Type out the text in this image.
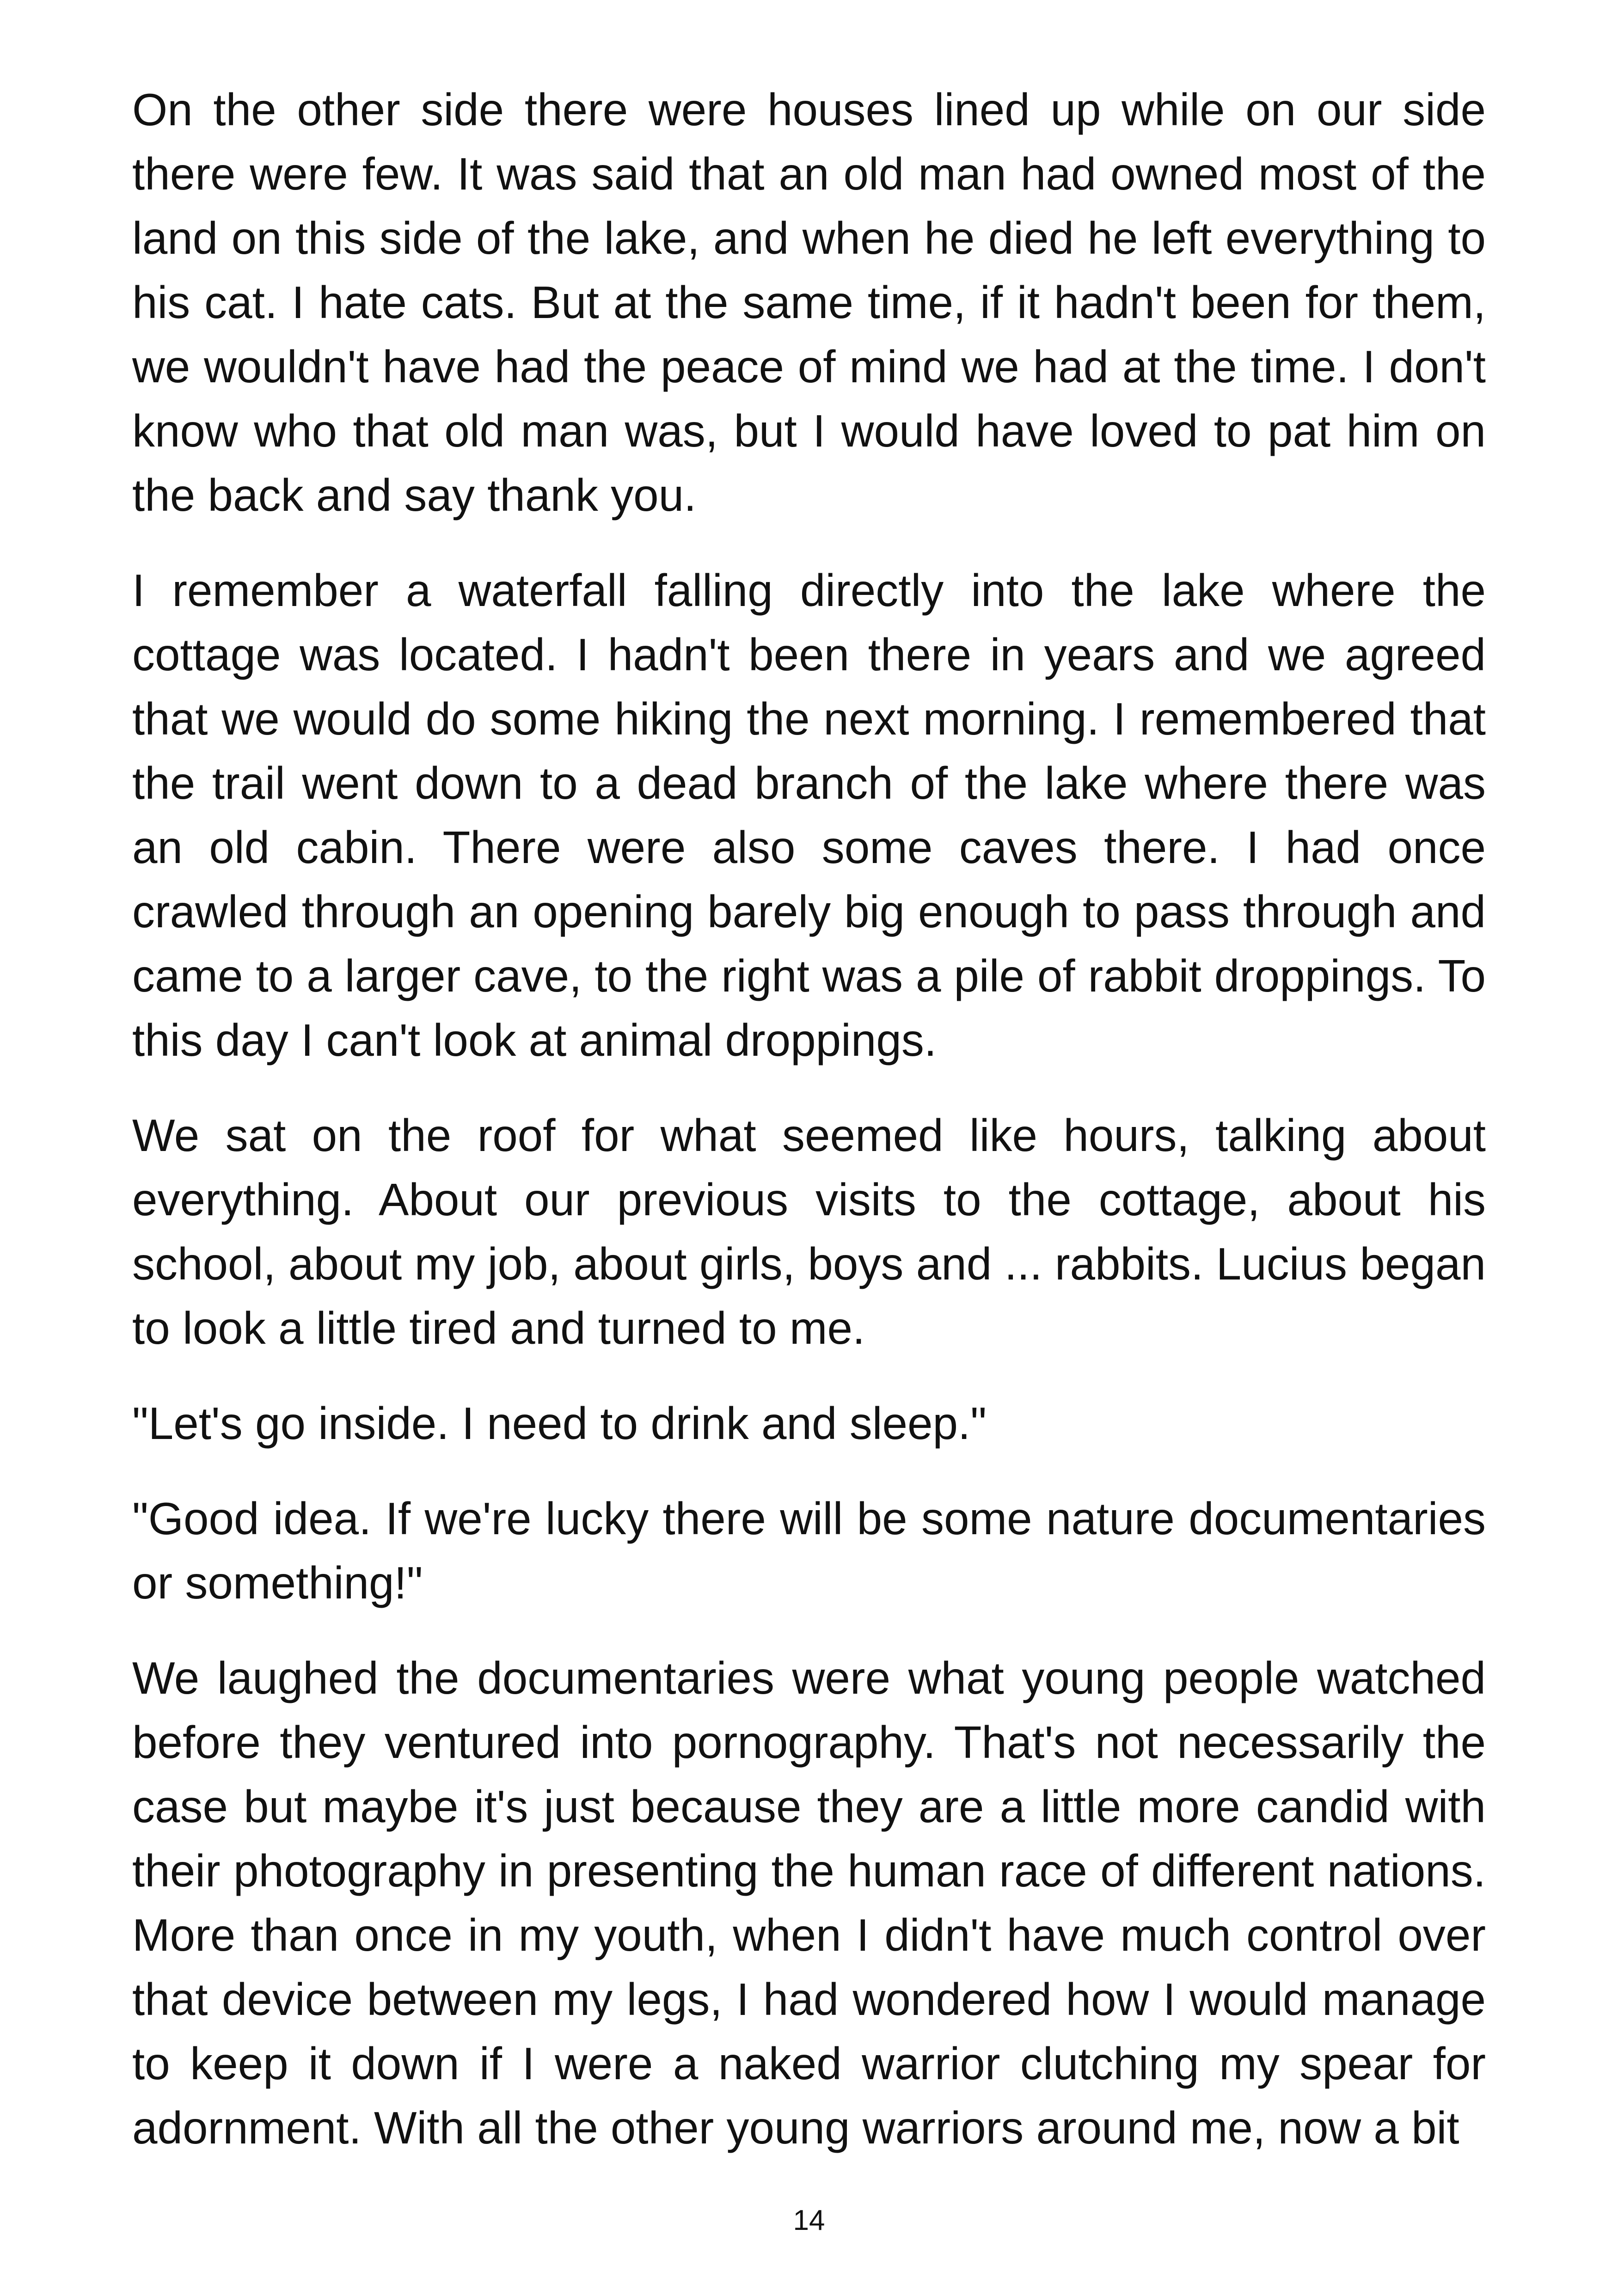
On the other side there were houses lined up while on our side there were few. It was said that an old man had owned most of the land on this side of the lake, and when he died he left everything to his cat. I hate cats. But at the same time, if it hadn't been for them, we wouldn't have had the peace of mind we had at the time. I don't know who that old man was, but I would have loved to pat him on the back and say thank you.

I remember a waterfall falling directly into the lake where the cottage was located. I hadn't been there in years and we agreed that we would do some hiking the next morning. I remembered that the trail went down to a dead branch of the lake where there was an old cabin. There were also some caves there. I had once crawled through an opening barely big enough to pass through and came to a larger cave, to the right was a pile of rabbit droppings. To this day I can't look at animal droppings.

We sat on the roof for what seemed like hours, talking about everything. About our previous visits to the cottage, about his school, about my job, about girls, boys and ... rabbits. Lucius began to look a little tired and turned to me.

"Let's go inside. I need to drink and sleep."

"Good idea. If we're lucky there will be some nature documentaries or something!"

We laughed the documentaries were what young people watched before they ventured into pornography. That's not necessarily the case but maybe it's just because they are a little more candid with their photography in presenting the human race of different nations. More than once in my youth, when I didn't have much control over that device between my legs, I had wondered how I would manage to keep it down if I were a naked warrior clutching my spear for adornment. With all the other young warriors around me, now a bit

14
